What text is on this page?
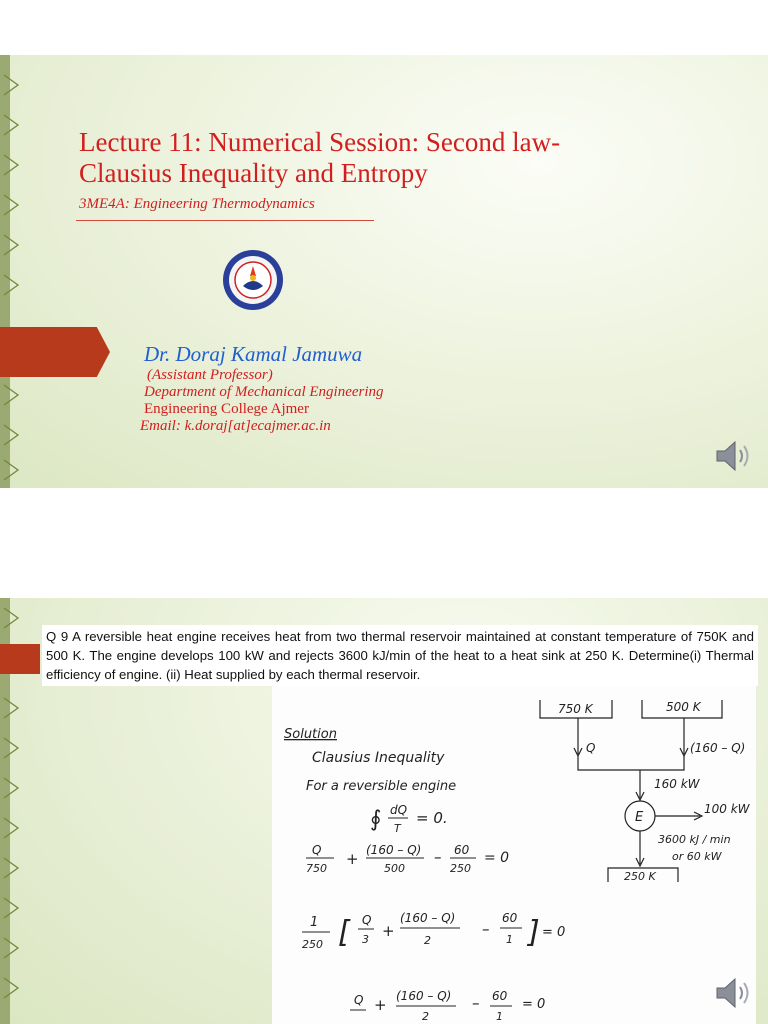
Lecture 11: Numerical Session: Second law-
Clausius Inequality and Entropy
3ME4A: Engineering Thermodynamics
Dr. Doraj Kamal Jamuwa
(Assistant Professor)
Department of Mechanical Engineering
Engineering College Ajmer
Email: k.doraj[at]ecajmer.ac.in
Q 9 A reversible heat engine receives heat from two thermal reservoir maintained at constant temperature of 750K and 500 K. The engine develops 100 kW and rejects 3600 kJ/min of the heat to a heat sink at 250 K. Determine(i) Thermal efficiency of engine. (ii) Heat supplied by each thermal reservoir.
Solution
Clausius Inequality
For a reversible engine
∮ dQ
T
= 0.
Q
750
+ (160 – Q)
500
– 60
250
= 0
1
250 [ Q
3 +
(160 – Q)
2
–
60
1 ] = 0
Q + (160 – Q)
2
– 60
1
= 0
750 K	500 K
Q	(160 – Q)
160 kW
E
100 kW
3600 kJ / min
or 60 kW
250 K
